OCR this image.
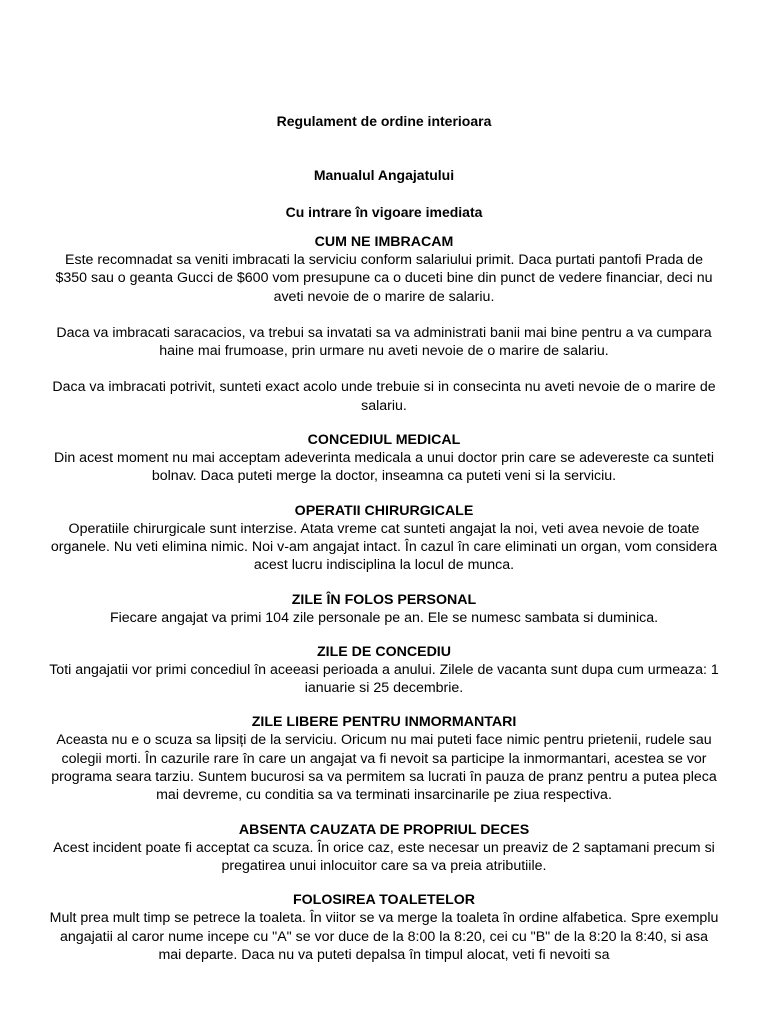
Regulament de ordine interioara
Manualul Angajatului
Cu intrare în vigoare imediata
CUM NE IMBRACAM

Este recomnadat sa veniti imbracati la serviciu conform salariului primit. Daca purtati pantofi Prada de $350 sau o geanta Gucci de $600 vom presupune ca o duceti bine din punct de vedere financiar, deci nu aveti nevoie de o marire de salariu.

Daca va imbracati saracacios, va trebui sa invatati sa va administrati banii mai bine pentru a va cumpara haine mai frumoase, prin urmare nu aveti nevoie de o marire de salariu.

Daca va imbracati potrivit, sunteti exact acolo unde trebuie si in consecinta nu aveti nevoie de o marire de salariu.

CONCEDIUL MEDICAL

Din acest moment nu mai acceptam adeverinta medicala a unui doctor prin care se adevereste ca sunteti bolnav. Daca puteti merge la doctor, inseamna ca puteti veni si la serviciu.

OPERATII CHIRURGICALE

Operatiile chirurgicale sunt interzise. Atata vreme cat sunteti angajat la noi, veti avea nevoie de toate organele. Nu veti elimina nimic. Noi v-am angajat intact. În cazul în care eliminati un organ, vom considera acest lucru indisciplina la locul de munca.

ZILE ÎN FOLOS PERSONAL

Fiecare angajat va primi 104 zile personale pe an. Ele se numesc sambata si duminica.

ZILE DE CONCEDIU

Toti angajatii vor primi concediul în aceeasi perioada a anului. Zilele de vacanta sunt dupa cum urmeaza: 1 ianuarie si 25 decembrie.

ZILE LIBERE PENTRU INMORMANTARI

Aceasta nu e o scuza sa lipsiți de la serviciu. Oricum nu mai puteti face nimic pentru prietenii, rudele sau colegii morti. În cazurile rare în care un angajat va fi nevoit sa participe la inmormantari, acestea se vor programa seara tarziu. Suntem bucurosi sa va permitem sa lucrati în pauza de pranz pentru a putea pleca mai devreme, cu conditia sa va terminati insarcinarile pe ziua respectiva.

ABSENTA CAUZATA DE PROPRIUL DECES

Acest incident poate fi acceptat ca scuza. În orice caz, este necesar un preaviz de 2 saptamani precum si pregatirea unui inlocuitor care sa va preia atributiile.

FOLOSIREA TOALETELOR

Mult prea mult timp se petrece la toaleta. În viitor se va merge la toaleta în ordine alfabetica. Spre exemplu angajatii al caror nume incepe cu "A" se vor duce de la 8:00 la 8:20, cei cu "B" de la 8:20 la 8:40, si asa mai departe. Daca nu va puteti depalsa în timpul alocat, veti fi nevoiti sa
